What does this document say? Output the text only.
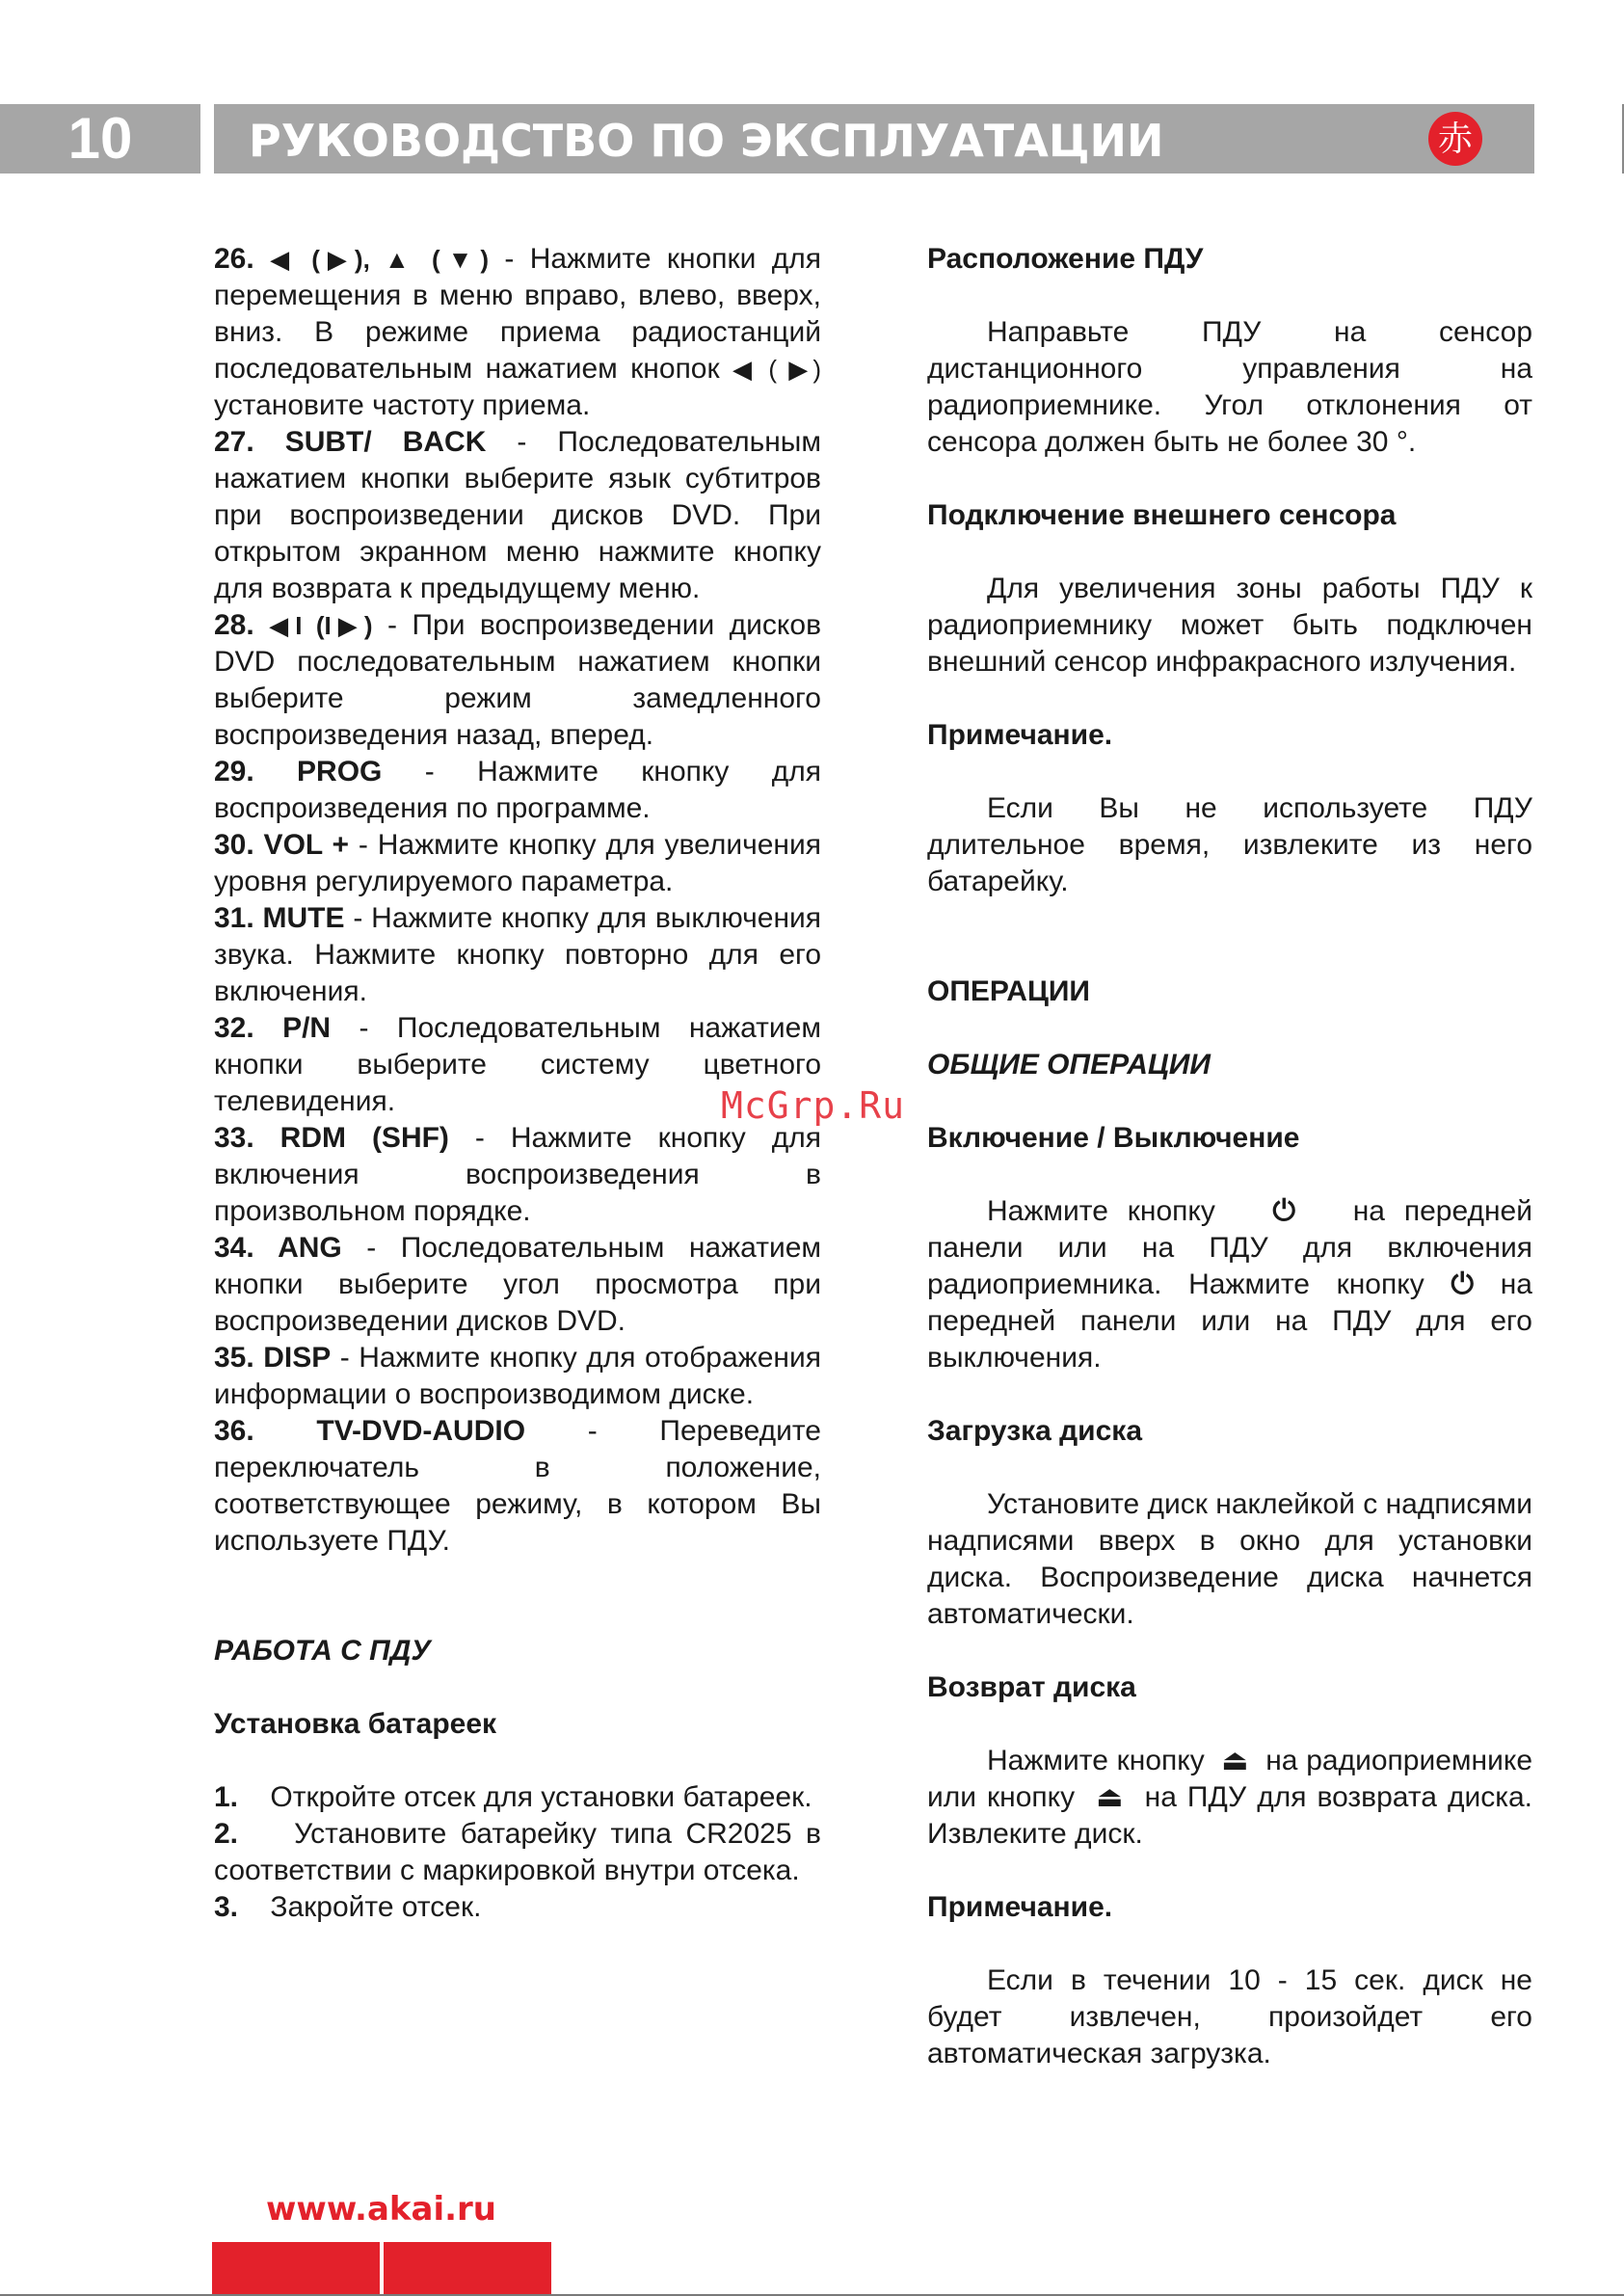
10	РУКОВОДСТВО ПО ЭКСПЛУАТАЦИИ	赤

26. ◀ (▶), ▲ (▼) - Нажмите кнопки для перемещения в меню вправо, влево, вверх, вниз. В режиме приема радиостанций последовательным нажатием кнопок ◀ ( ▶) установите частоту приема.

27. SUBT/ BACK - Последовательным нажатием кнопки выберите язык субтитров при воспроизведении дисков DVD. При открытом экранном меню нажмите кнопку для возврата к предыдущему меню.

28. ◀I (I▶) - При воспроизведении дисков DVD последовательным нажатием кнопки выберите режим замедленного воспроизведения назад, вперед.

29. PROG - Нажмите кнопку для воспроизведения по программе.

30. VOL + - Нажмите кнопку для увеличения уровня регулируемого параметра.

31. MUTE - Нажмите кнопку для выключения звука. Нажмите кнопку повторно для его включения.

32. P/N - Последовательным нажатием кнопки выберите систему цветного телевидения.

33. RDM (SHF) - Нажмите кнопку для включения воспроизведения в произвольном порядке.

34. ANG - Последовательным нажатием кнопки выберите угол просмотра при воспроизведении дисков DVD.

35. DISP - Нажмите кнопку для отображения информации о воспроизводимом диске.

36. TV-DVD-AUDIO - Переведите переключатель в положение, соответствующее режиму, в котором Вы используете ПДУ.

РАБОТА С ПДУ

Установка батареек

1. Откройте отсек для установки батареек.

2. Установите батарейку типа CR2025 в соответствии с маркировкой внутри отсека.

3. Закройте отсек.

Расположение ПДУ

Направьте ПДУ на сенсор дистанционного управления на радиоприемнике. Угол отклонения от сенсора должен быть не более 30 °.

Подключение внешнего сенсора

Для увеличения зоны работы ПДУ к радиоприемнику может быть подключен внешний сенсор инфракрасного излучения.

Примечание.

Если Вы не используете ПДУ длительное время, извлеките из него батарейку.

ОПЕРАЦИИ

ОБЩИЕ ОПЕРАЦИИ

Включение / Выключение

Нажмите кнопку ⏻ на передней панели или на ПДУ для включения радиоприемника. Нажмите кнопку ⏻ на передней панели или на ПДУ для его выключения.

Загрузка диска

Установите диск наклейкой с надписями надписями вверх в окно для установки диска. Воспроизведение диска начнется автоматически.

Возврат диска

Нажмите кнопку ⏏ на радиоприемнике или кнопку ⏏ на ПДУ для возврата диска. Извлеките диск.

Примечание.

Если в течении 10 - 15 сек. диск не будет извлечен, произойдет его автоматическая загрузка.

McGrp.Ru
www.akai.ru
